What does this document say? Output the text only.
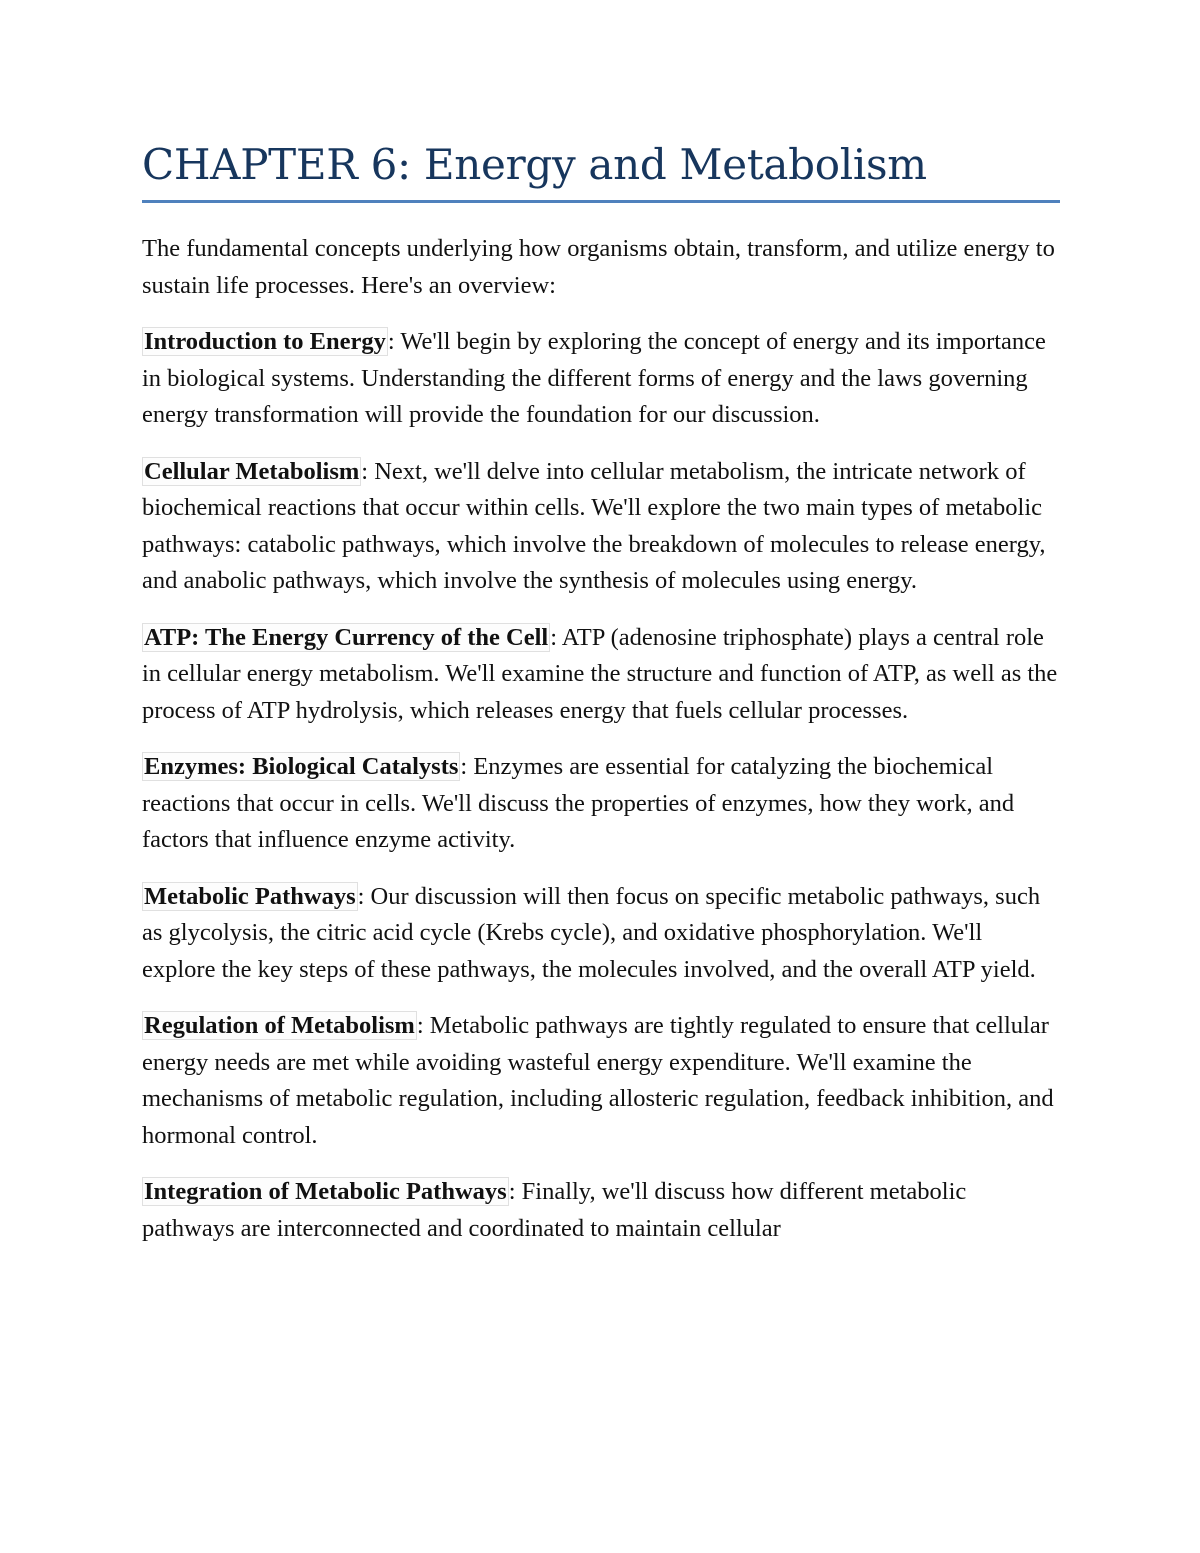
CHAPTER 6: Energy and Metabolism

The fundamental concepts underlying how organisms obtain, transform, and utilize energy to sustain life processes. Here's an overview:

Introduction to Energy: We'll begin by exploring the concept of energy and its importance in biological systems. Understanding the different forms of energy and the laws governing energy transformation will provide the foundation for our discussion.

Cellular Metabolism: Next, we'll delve into cellular metabolism, the intricate network of biochemical reactions that occur within cells. We'll explore the two main types of metabolic pathways: catabolic pathways, which involve the breakdown of molecules to release energy, and anabolic pathways, which involve the synthesis of molecules using energy.

ATP: The Energy Currency of the Cell: ATP (adenosine triphosphate) plays a central role in cellular energy metabolism. We'll examine the structure and function of ATP, as well as the process of ATP hydrolysis, which releases energy that fuels cellular processes.

Enzymes: Biological Catalysts: Enzymes are essential for catalyzing the biochemical reactions that occur in cells. We'll discuss the properties of enzymes, how they work, and factors that influence enzyme activity.

Metabolic Pathways: Our discussion will then focus on specific metabolic pathways, such as glycolysis, the citric acid cycle (Krebs cycle), and oxidative phosphorylation. We'll explore the key steps of these pathways, the molecules involved, and the overall ATP yield.

Regulation of Metabolism: Metabolic pathways are tightly regulated to ensure that cellular energy needs are met while avoiding wasteful energy expenditure. We'll examine the mechanisms of metabolic regulation, including allosteric regulation, feedback inhibition, and hormonal control.

Integration of Metabolic Pathways: Finally, we'll discuss how different metabolic pathways are interconnected and coordinated to maintain cellular
